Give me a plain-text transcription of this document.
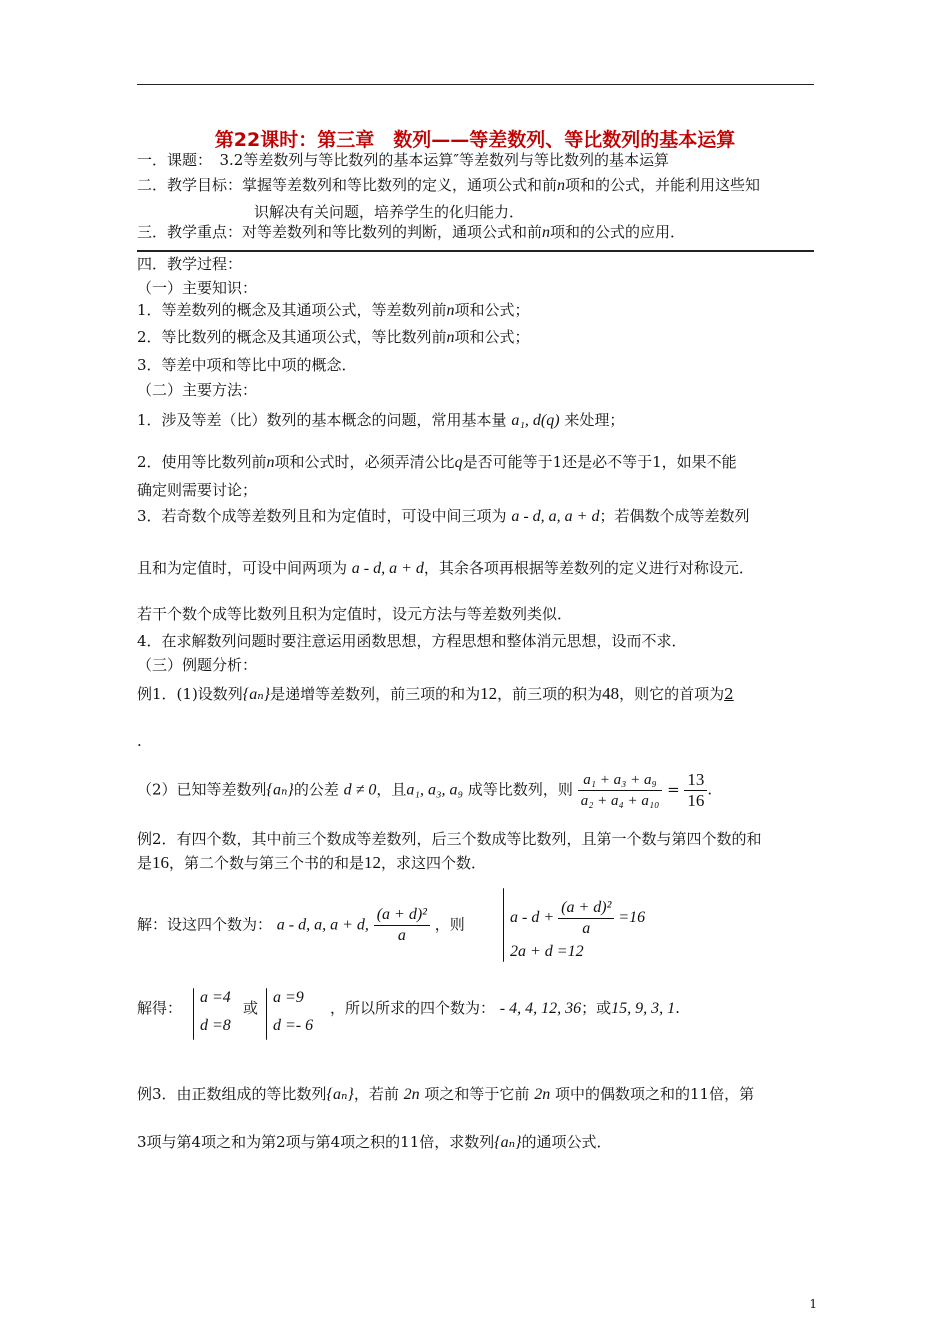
第22课时：第三章　数列——等差数列、等比数列的基本运算
一．课题：　3.2等差数列与等比数列的基本运算″等差数列与等比数列的基本运算
二．教学目标：掌握等差数列和等比数列的定义，通项公式和前n项和的公式，并能利用这些知
识解决有关问题，培养学生的化归能力．
三．教学重点：对等差数列和等比数列的判断，通项公式和前n项和的公式的应用．
四．教学过程：
（一）主要知识：
1．等差数列的概念及其通项公式，等差数列前n项和公式；
2．等比数列的概念及其通项公式，等比数列前n项和公式；
3．等差中项和等比中项的概念．
（二）主要方法：
1．涉及等差（比）数列的基本概念的问题，常用基本量 a₁, d(q) 来处理；
2．使用等比数列前n项和公式时，必须弄清公比q是否可能等于1还是必不等于1，如果不能
确定则需要讨论；
3．若奇数个成等差数列且和为定值时，可设中间三项为 a - d, a, a + d；若偶数个成等差数列
且和为定值时，可设中间两项为 a - d, a + d，其余各项再根据等差数列的定义进行对称设元．
若干个数个成等比数列且积为定值时，设元方法与等差数列类似．
4．在求解数列问题时要注意运用函数思想，方程思想和整体消元思想，设而不求．
（三）例题分析：
例1．(1)设数列{aₙ}是递增等差数列，前三项的和为12，前三项的积为48，则它的首项为2
.
（2）已知等差数列{aₙ}的公差 d ≠ 0，且a₁, a₃, a₉ 成等比数列，则 $\frac{\text{a₁ + a₃ + a₉}}{\text{a₂ + a₄ + a₁₀}} = \frac{13}{16}$ .
例2．有四个数，其中前三个数成等差数列，后三个数成等比数列，且第一个数与第四个数的和
是16，第二个数与第三个书的和是12，求这四个数．
解：设这四个数为： a - d, a, a + d, $\frac{\text{(a + d)²}}{a}$ ，则	$a - d + \frac{\text{(a + d)²}}{a} =16$
2a + d =12
解得：
a =4
d =8
或
a =9
d =- 6
，所以所求的四个数为： - 4, 4, 12, 36；或15, 9, 3, 1.
例3．由正数组成的等比数列{aₙ}，若前 2n 项之和等于它前 2n 项中的偶数项之和的11倍，第
3项与第4项之和为第2项与第4项之积的11倍，求数列{aₙ}的通项公式．
1
